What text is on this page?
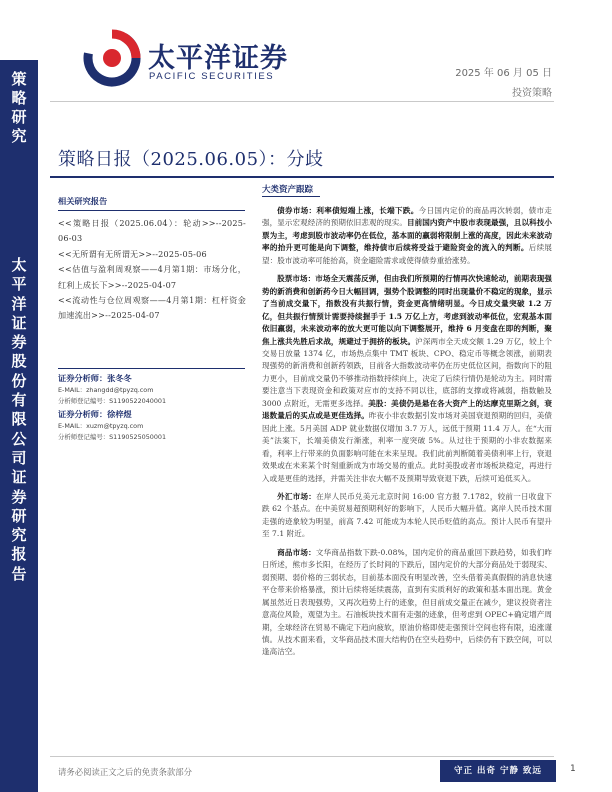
太平洋证券
PACIFIC SECURITIES	2025 年 06 月 05 日
投资策略
策略研究
太平洋证券股份有限公司证券研究报告
策略日报（2025.06.05）：分歧
大类资产跟踪
相关研究报告
<<策略日报（2025.06.04）：轮动>>--2025-06-03
<<无所谓有无所谓无>>--2025-05-06
<<估值与盈利周观察——4月第1期：市场分化，红利上成长下>>--2025-04-07
<<流动性与仓位周观察——4月第1期：杠杆资金加速流出>>--2025-04-07
证券分析师：张冬冬
E-MAIL：zhangdd@tpyzq.com
分析师登记编号：S1190522040001
证券分析师：徐梓煜
E-MAIL：xuzm@tpyzq.com
分析师登记编号：S1190525050001

债券市场：利率债短端上涨，长端下跌。今日国内定价的商品再次转弱，债市走强，显示宏观经济的预期依旧悲观的现实。目前国内资产中股市表现最强，且以科技小票为主，考虑到股市波动率仍在低位，基本面的羸弱将限制上涨的高度，因此未来波动率的抬升更可能是向下调整，维持债市后续将受益于避险资金的流入的判断。后续展望：股市波动率可能抬高，资金避险需求或使得债券重拾涨势。

股票市场：市场全天震荡反弹，但由我们所预期的行情再次快速轮动，前期表现强势的新消费和创新药今日大幅回调，强势个股调整的同时出现量价不稳定的现象，显示了当前成交量下，指数没有共振行情，资金更高情绪明显。今日成交量突破 1.2 万亿，但共振行情预计需要持续握手于 1.5 万亿上方，考虑到波动率低位，宏观基本面依旧羸弱，未来波动率的放大更可能以向下调整展开，维持 6 月变盘在即的判断，聚焦上涨共先胜后求战，规避过于拥挤的板块。沪深两市全天成交额 1.29 万亿，较上个交易日放量 1374 亿，市场热点集中 TMT 板块、CPO、稳定币等概念领涨，前期表现强势的新消费和创新药领跌，目前各大指数波动率仍在历史低位区间，指数向下的阻力更小，目前成交量仍不够推动指数持续向上，决定了后续行情仍是轮动为主。同时需要注意当下表现资金和政策对应市的支持不同以往，底部的支撑或将减弱，指数触及 3000 点附近，无需更多选择。美股：美债仍是悬在各大资产上的达摩克里斯之剑，衰退数量后的买点或是更佳选择。昨夜小非农数据引发市场对美国衰退预期的回归，美债因此上涨。5月美国 ADP 就业数据仅增加 3.7 万人，远低于预期 11.4 万人。在“大而美”法案下，长端美债发行渐涨，利率一度突破 5%。从过往于预期的小非农数据来看，利率上行带来的负面影响可能在未来呈现。我们此前判断随着美债利率上行，衰退效果或在未来某个时刻重新成为市场交易的重点。此时美股或者市场板块稳定，再进行入或是更佳的选择，并需关注非农大幅不及预期导致衰退下跌，后续可追低买入。

外汇市场：在岸人民币兑美元北京时间 16:00 官方报 7.1782，较前一日收盘下跌 62 个基点。在中美贸易超预期利好的影响下，人民币大幅升值。离岸人民币技术面走强的迹象较为明显，前高 7.42 可能成为本轮人民币贬值的高点。预计人民币有望升至 7.1 附近。

商品市场：文华商品指数下跌-0.08%，国内定价的商品重回下跌趋势，如我们昨日所述，熊市多长阳，在经历了长时间的下跌后，国内定价的大部分商品处于弱现实、弱预期、弱价格的三弱状态，目前基本面没有明显改善，空头借着美真假假的消息快速平仓带来价格暴涨，预计后续将延续震荡，直到有实质利好的政策和基本面出现。黄金属虽然近日表现强势，又再次趋势上行的迹象，但目前成交量正在减少，建议投资者注意高位风险，观望为主。石油板块技术面有走强的迹象，但考虑到 OPEC+确定增产周期，全球经济在贸易不确定下趋向疲软，原油价格即使走强预计空间也将有限，追涨谨慎。从技术面来看，文华商品技术面大结构仍在空头趋势中，后续仍有下跌空间，可以逢高沽空。

请务必阅读正文之后的免责条款部分	守正 出奇 宁静 致远	1
